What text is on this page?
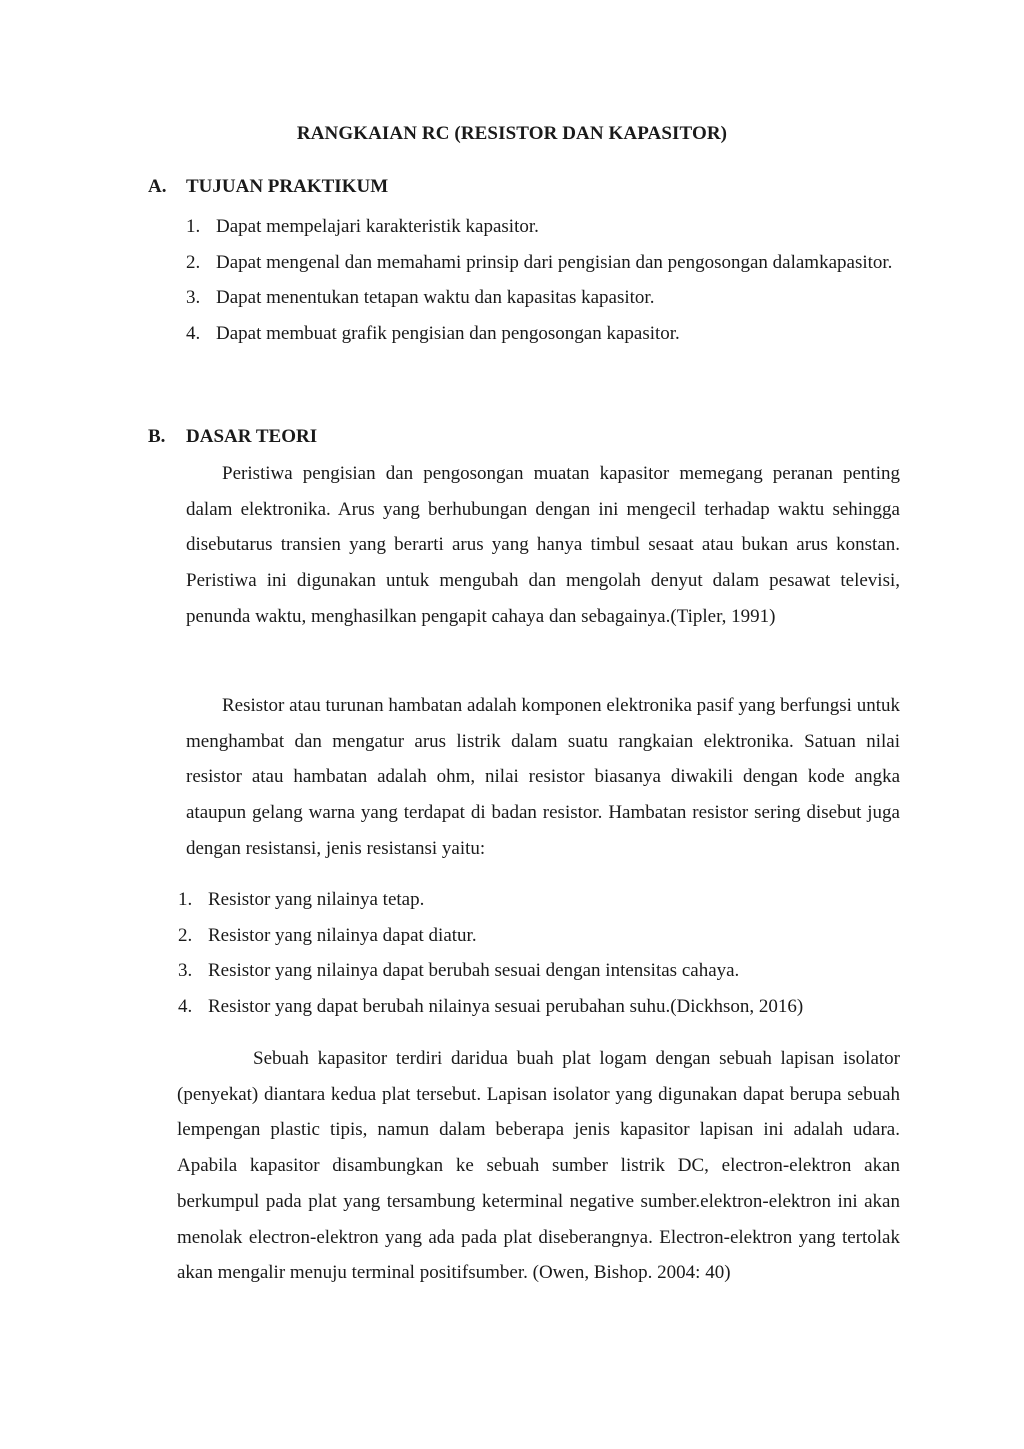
RANGKAIAN RC (RESISTOR DAN KAPASITOR)
A. TUJUAN PRAKTIKUM
1. Dapat mempelajari karakteristik kapasitor.
2. Dapat mengenal dan memahami prinsip dari pengisian dan pengosongan dalamkapasitor.
3. Dapat menentukan tetapan waktu dan kapasitas kapasitor.
4. Dapat membuat grafik pengisian dan pengosongan kapasitor.
B. DASAR TEORI

Peristiwa pengisian dan pengosongan muatan kapasitor memegang peranan penting dalam elektronika. Arus yang berhubungan dengan ini mengecil terhadap waktu sehingga disebutarus transien yang berarti arus yang hanya timbul sesaat atau bukan arus konstan. Peristiwa ini digunakan untuk mengubah dan mengolah denyut dalam pesawat televisi, penunda waktu, menghasilkan pengapit cahaya dan sebagainya.(Tipler, 1991)

Resistor atau turunan hambatan adalah komponen elektronika pasif yang berfungsi untuk menghambat dan mengatur arus listrik dalam suatu rangkaian elektronika. Satuan nilai resistor atau hambatan adalah ohm, nilai resistor biasanya diwakili dengan kode angka ataupun gelang warna yang terdapat di badan resistor. Hambatan resistor sering disebut juga dengan resistansi, jenis resistansi yaitu:

1. Resistor yang nilainya tetap.
2. Resistor yang nilainya dapat diatur.
3. Resistor yang nilainya dapat berubah sesuai dengan intensitas cahaya.
4. Resistor yang dapat berubah nilainya sesuai perubahan suhu.(Dickhson, 2016)

Sebuah kapasitor terdiri daridua buah plat logam dengan sebuah lapisan isolator (penyekat) diantara kedua plat tersebut. Lapisan isolator yang digunakan dapat berupa sebuah lempengan plastic tipis, namun dalam beberapa jenis kapasitor lapisan ini adalah udara. Apabila kapasitor disambungkan ke sebuah sumber listrik DC, electron-elektron akan berkumpul pada plat yang tersambung keterminal negative sumber.elektron-elektron ini akan menolak electron-elektron yang ada pada plat diseberangnya. Electron-elektron yang tertolak akan mengalir menuju terminal positifsumber. (Owen, Bishop. 2004: 40)
